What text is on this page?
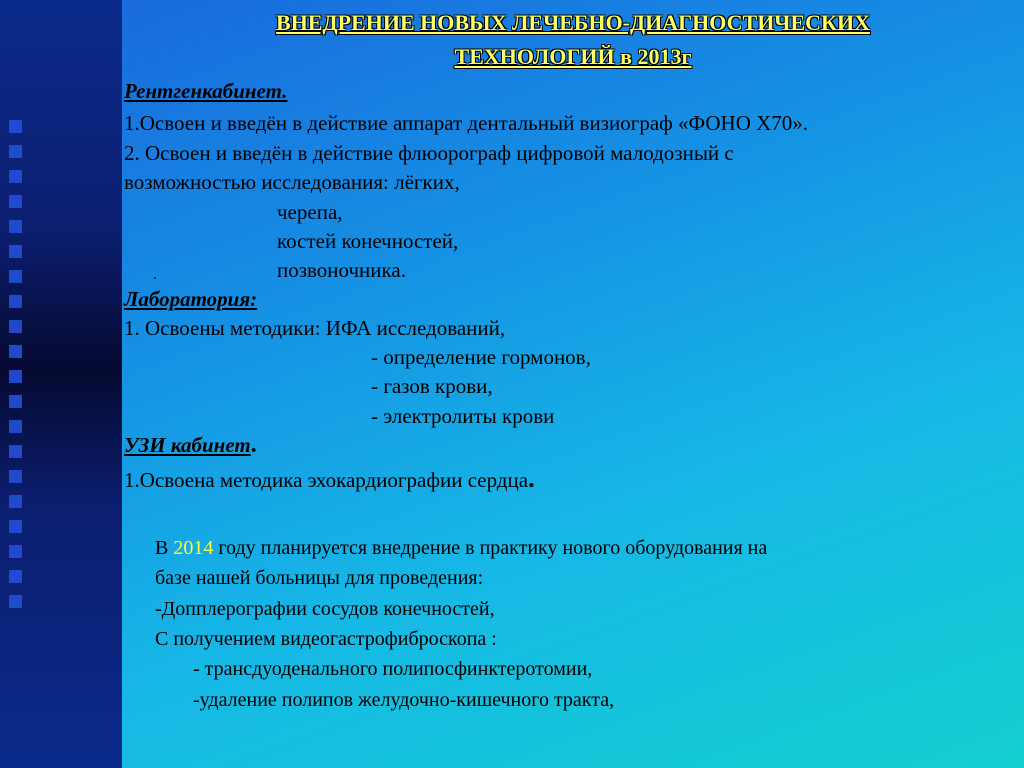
ВНЕДРЕНИЕ НОВЫХ ЛЕЧЕБНО-ДИАГНОСТИЧЕСКИХ
ТЕХНОЛОГИЙ в 2013г
Рентгенкабинет.
1.Освоен и введён в действие аппарат дентальный визиограф «ФОНО Х70».
2. Освоен и введён в действие флюорограф цифровой малодозный с
возможностью исследования: лёгких,
черепа,
костей конечностей,
.	позвоночника.
Лаборатория:
1. Освоены методики: ИФА исследований,
- определение гормонов,
- газов крови,
- электролиты крови
УЗИ кабинет.
1.Освоена методика эхокардиографии сердца.
В 2014 году планируется внедрение в практику нового оборудования на
базе нашей больницы для проведения:
-Допплерографии сосудов конечностей,
С получением видеогастрофиброскопа :
- трансдуоденального полипосфинктеротомии,
-удаление полипов желудочно-кишечного тракта,
